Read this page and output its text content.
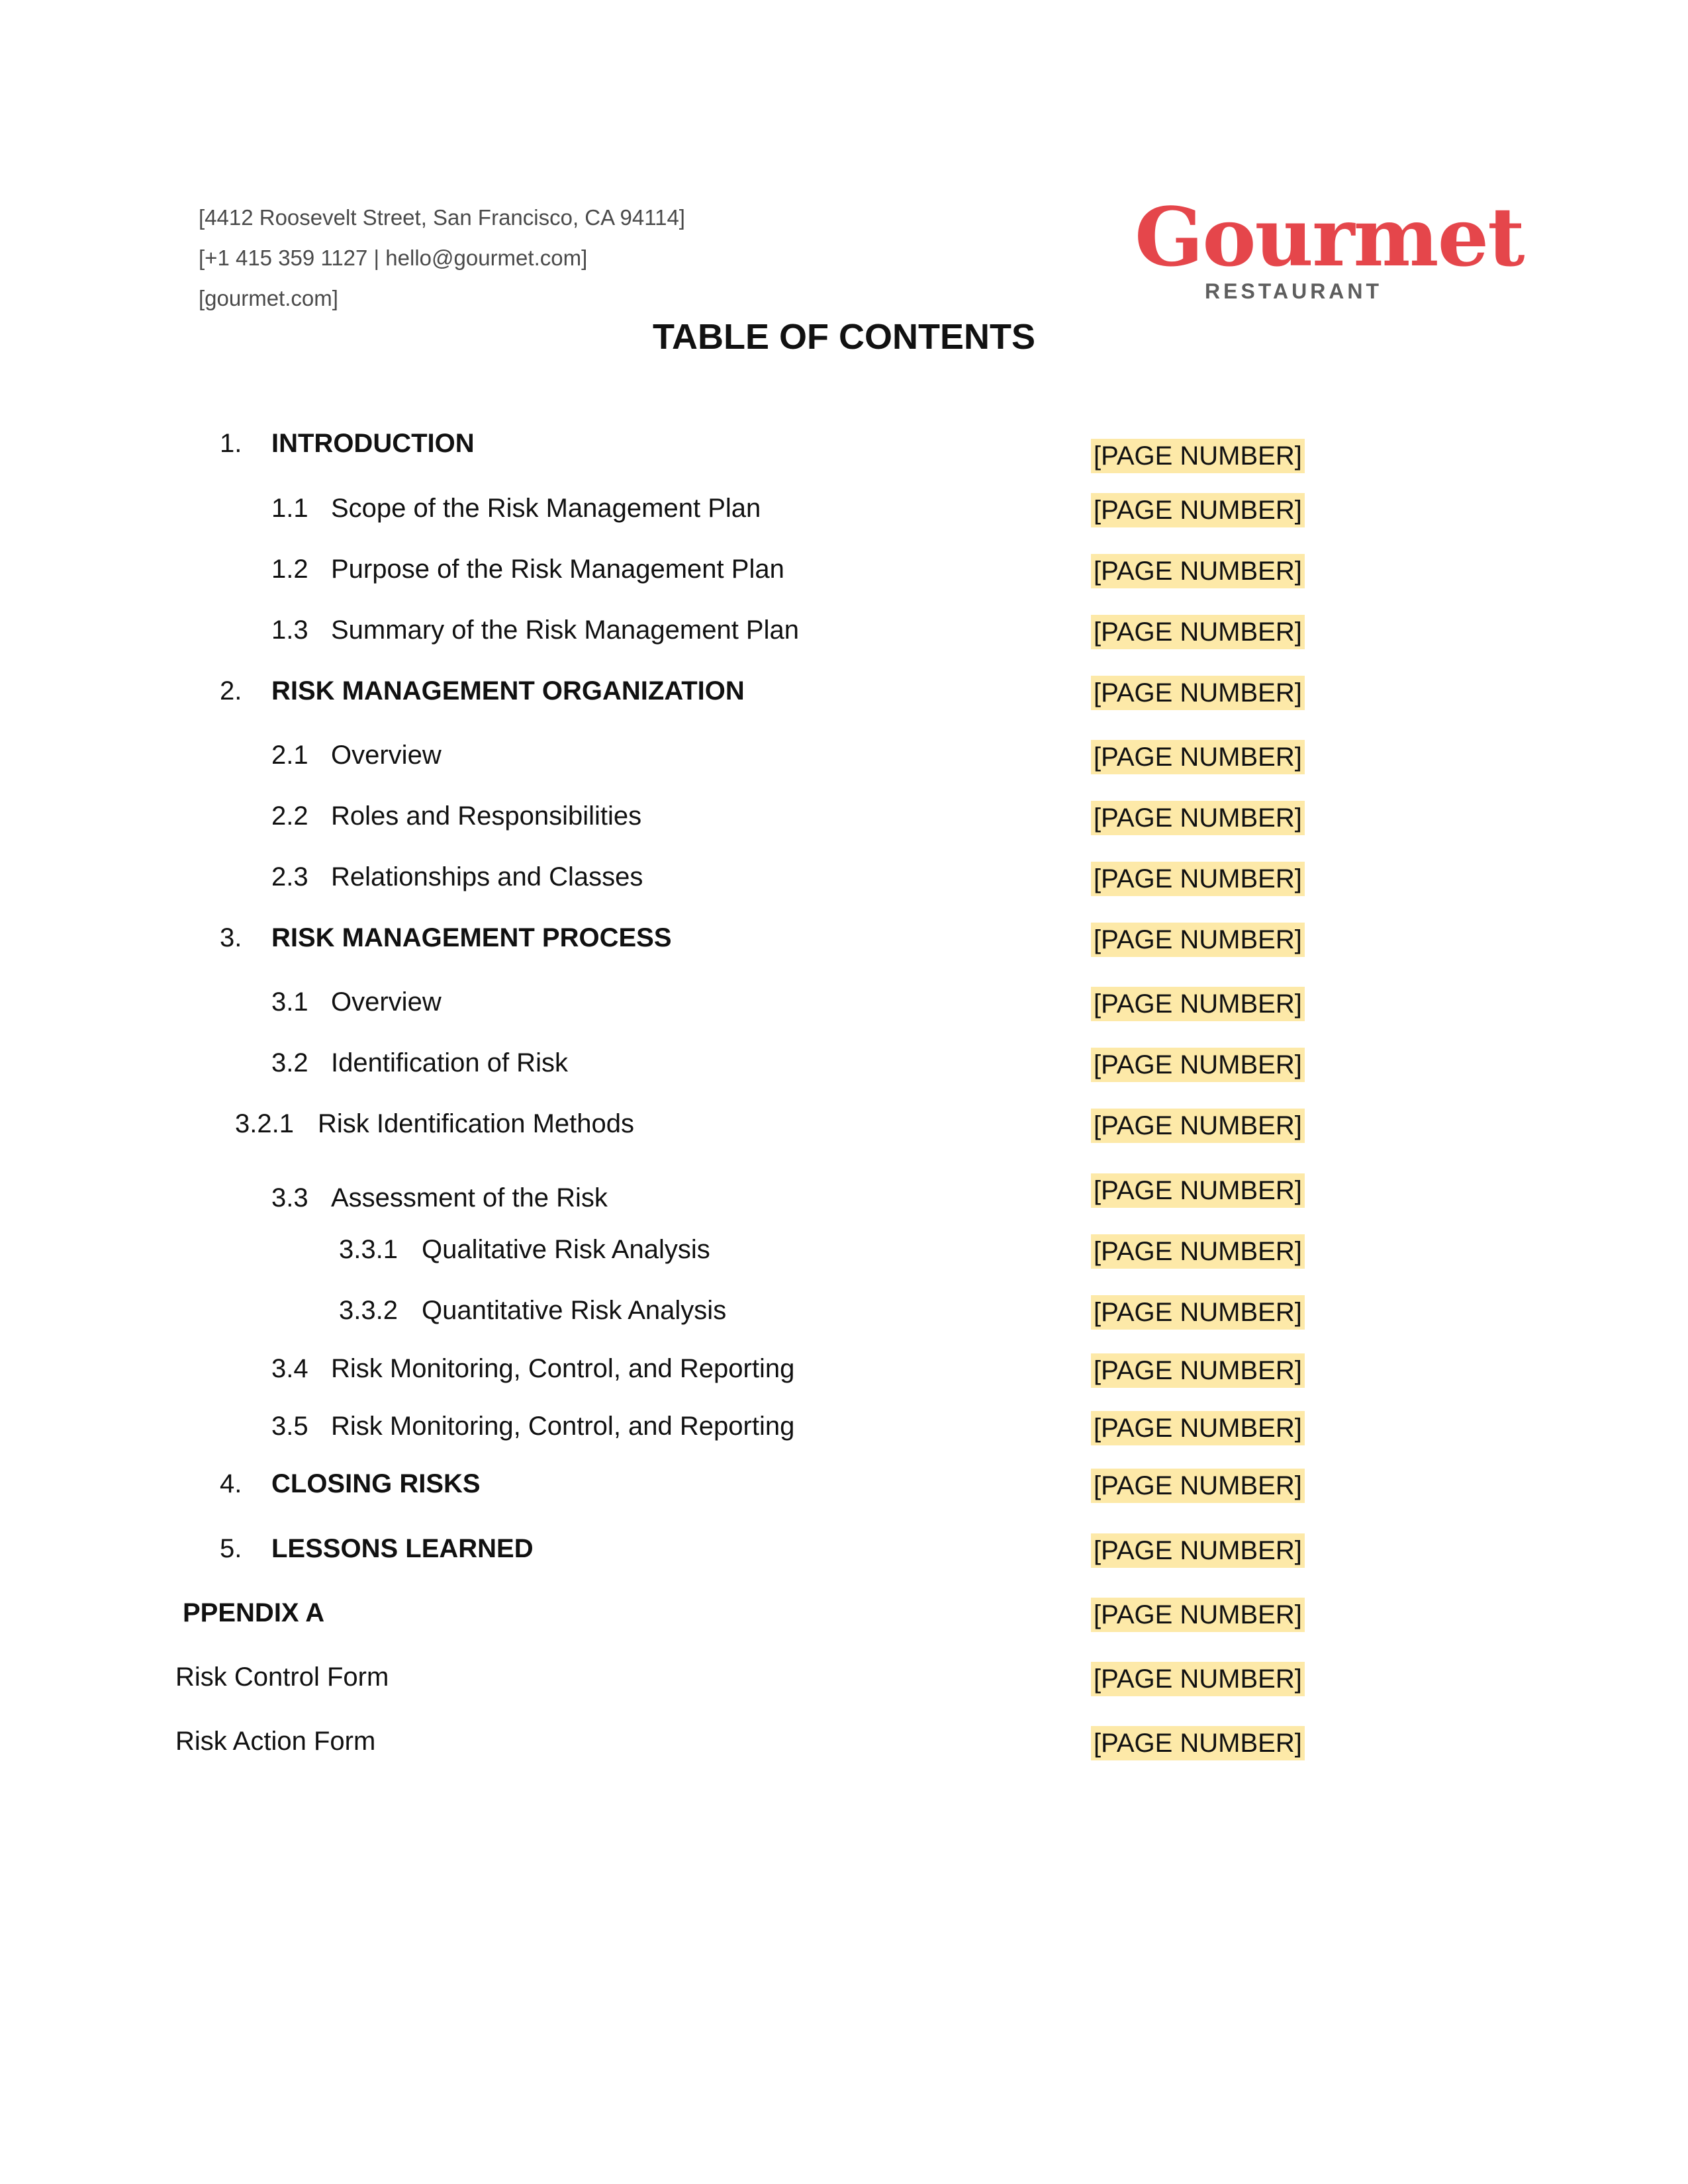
[4412 Roosevelt Street, San Francisco, CA 94114]
[+1 415 359 1127 | hello@gourmet.com]
[gourmet.com]
Gourmet
RESTAURANT
TABLE OF CONTENTS
1. INTRODUCTION	[PAGE NUMBER]
1.1 Scope of the Risk Management Plan	[PAGE NUMBER]
1.2 Purpose of the Risk Management Plan	[PAGE NUMBER]
1.3 Summary of the Risk Management Plan	[PAGE NUMBER]
2. RISK MANAGEMENT ORGANIZATION	[PAGE NUMBER]
2.1 Overview	[PAGE NUMBER]
2.2 Roles and Responsibilities	[PAGE NUMBER]
2.3 Relationships and Classes	[PAGE NUMBER]
3. RISK MANAGEMENT PROCESS	[PAGE NUMBER]
3.1 Overview	[PAGE NUMBER]
3.2 Identification of Risk	[PAGE NUMBER]
3.2.1 Risk Identification Methods	[PAGE NUMBER]
3.3 Assessment of the Risk	[PAGE NUMBER]
3.3.1 Qualitative Risk Analysis	[PAGE NUMBER]
3.3.2 Quantitative Risk Analysis	[PAGE NUMBER]
3.4 Risk Monitoring, Control, and Reporting	[PAGE NUMBER]
3.5 Risk Monitoring, Control, and Reporting	[PAGE NUMBER]
4. CLOSING RISKS	[PAGE NUMBER]
5. LESSONS LEARNED	[PAGE NUMBER]
PPENDIX A	[PAGE NUMBER]
Risk Control Form	[PAGE NUMBER]
Risk Action Form	[PAGE NUMBER]
